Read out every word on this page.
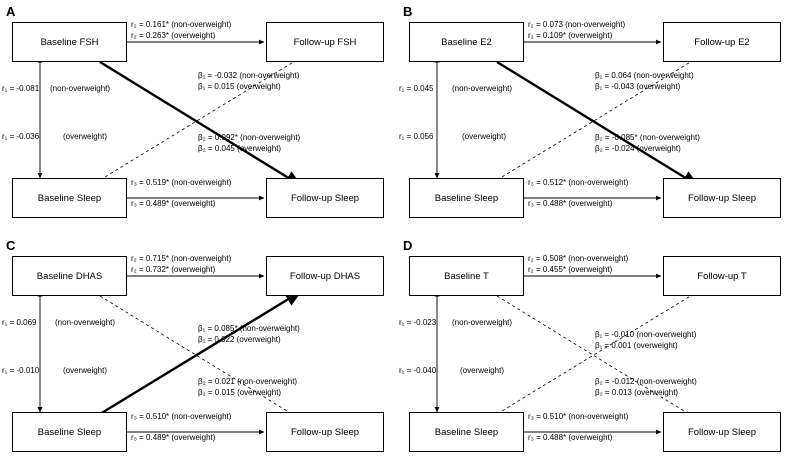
A
Baseline FSH	Follow-up FSH
Baseline Sleep	Follow-up Sleep
r₂ = 0.161* (non-overweight)
r₂ = 0.263* (overweight)
r₁ = -0.081 (non-overweight)
r₁ = -0.036	(overweight)
β₁ = -0.032 (non-overweight)
β₁ = 0.015 (overweight)
β₂ = 0.092* (non-overweight)
β₂ = 0.045 (overweight)
r₃ = 0.519* (non-overweight)
r₃ = 0.489* (overweight)
B
Baseline E2	Follow-up E2
Baseline Sleep	Follow-up Sleep
r₂ = 0.073 (non-overweight)
r₂ = 0.109* (overweight)
r₁ = 0.045 (non-overweight)
r₁ = 0.056	(overweight)
β₁ = 0.064 (non-overweight)
β₁ = -0.043 (overweight)
β₂ = -0.085* (non-overweight)
β₂ = -0.024 (overweight)
r₃ = 0.512* (non-overweight)
r₃ = 0.488* (overweight)
C
Baseline DHAS	Follow-up DHAS
Baseline Sleep	Follow-up Sleep
r₂ = 0.715* (non-overweight)
r₂ = 0.732* (overweight)
r₁ = 0.069 (non-overweight)
r₁ = -0.010	(overweight)
β₁ = 0.085* (non-overweight)
β₁ = 0.022 (overweight)
β₂ = 0.021 (non-overweight)
β₂ = 0.015 (overweight)
r₃ = 0.510* (non-overweight)
r₃ = 0.489* (overweight)
D
Baseline T	Follow-up T
Baseline Sleep	Follow-up Sleep
r₂ = 0.508* (non-overweight)
r₂ = 0.455* (overweight)
r₁ = -0.023 (non-overweight)
r₁ = -0.040	(overweight)
β₁ = -0.010 (non-overweight)
β₁ = 0.001 (overweight)
β₂ = -0.012 (non-overweight)
β₂ = 0.013 (overweight)
r₃ = 0.510* (non-overweight)
r₃ = 0.488* (overweight)
